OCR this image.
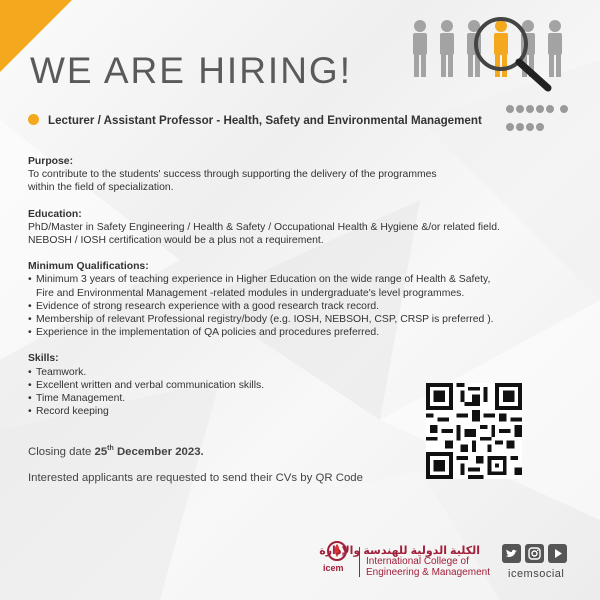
WE ARE HIRING!

Lecturer / Assistant Professor - Health, Safety and Environmental Management
Purpose:
To contribute to the students' success through supporting the delivery of the programmes
within the field of specialization.
Education:
PhD/Master in Safety Engineering / Health & Safety / Occupational Health & Hygiene &/or related field.
NEBOSH / IOSH certification would be a plus not a requirement.
Minimum Qualifications:
• Minimum 3 years of teaching experience in Higher Education on the wide range of Health & Safety,
Fire and Environmental Management -related modules in undergraduate's level programmes.
• Evidence of strong research experience with a good research track record.
• Membership of relevant Professional registry/body (e.g. IOSH, NEBSOH, CSP, CRSP is preferred ).
• Experience in the implementation of QA policies and procedures preferred.
Skills:
• Teamwork.
• Excellent written and verbal communication skills.
• Time Management.
• Record keeping
Closing date 25th December 2023.
Interested applicants are requested to send their CVs by QR Code
icem
الكلية الدولية للهندسة والإدارة
International College of
Engineering & Management icemsocial
